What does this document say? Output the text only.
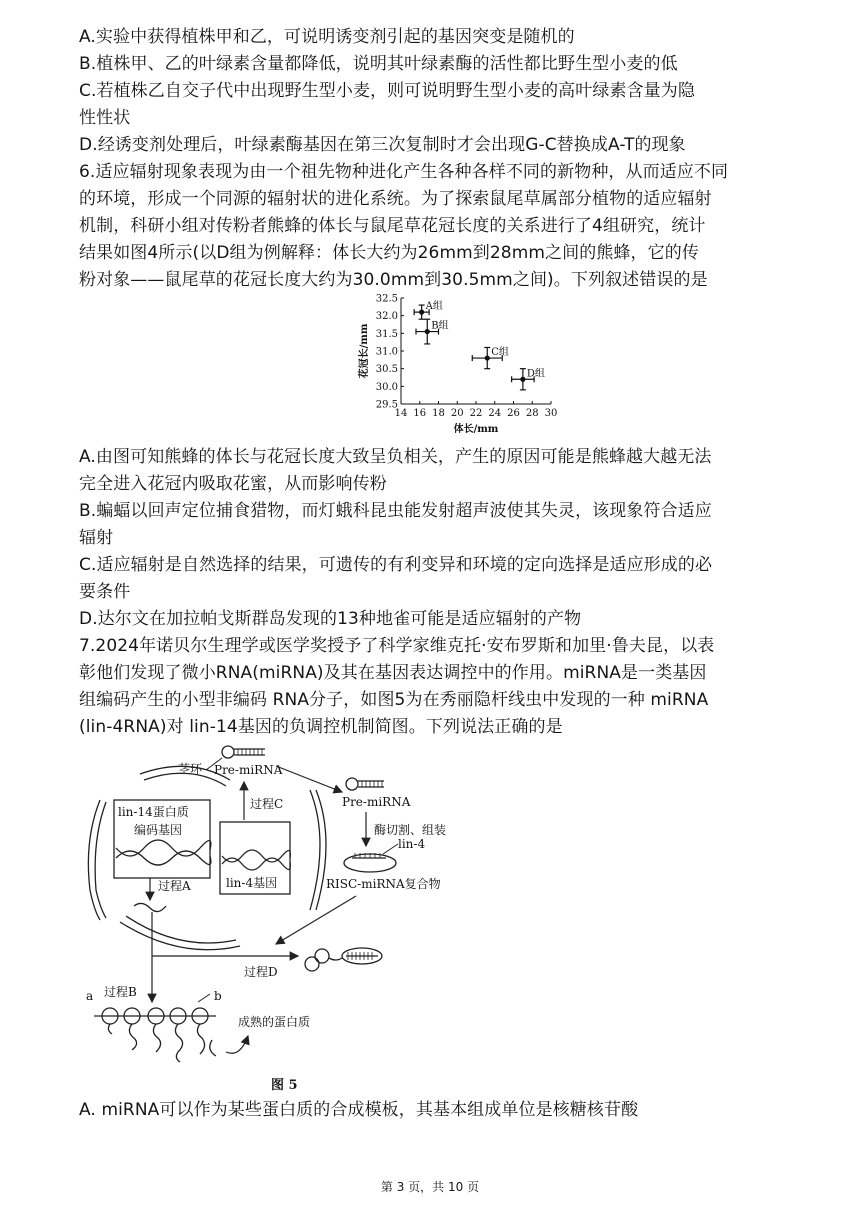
A.实验中获得植株甲和乙，可说明诱变剂引起的基因突变是随机的
B.植株甲、乙的叶绿素含量都降低，说明其叶绿素酶的活性都比野生型小麦的低
C.若植株乙自交子代中出现野生型小麦，则可说明野生型小麦的高叶绿素含量为隐
性性状
D.经诱变剂处理后，叶绿素酶基因在第三次复制时才会出现G-C替换成A-T的现象
6.适应辐射现象表现为由一个祖先物种进化产生各种各样不同的新物种，从而适应不同
的环境，形成一个同源的辐射状的进化系统。为了探索鼠尾草属部分植物的适应辐射
机制，科研小组对传粉者熊蜂的体长与鼠尾草花冠长度的关系进行了4组研究，统计
结果如图4所示(以D组为例解释：体长大约为26mm到28mm之间的熊蜂，它的传
粉对象——鼠尾草的花冠长度大约为30.0mm到30.5mm之间)。下列叙述错误的是
A.由图可知熊蜂的体长与花冠长度大致呈负相关，产生的原因可能是熊蜂越大越无法
完全进入花冠内吸取花蜜，从而影响传粉
B.蝙蝠以回声定位捕食猎物，而灯蛾科昆虫能发射超声波使其失灵，该现象符合适应
辐射
C.适应辐射是自然选择的结果，可遗传的有利变异和环境的定向选择是适应形成的必
要条件
D.达尔文在加拉帕戈斯群岛发现的13种地雀可能是适应辐射的产物
7.2024年诺贝尔生理学或医学奖授予了科学家维克托·安布罗斯和加里·鲁夫昆，以表
彰他们发现了微小RNA(miRNA)及其在基因表达调控中的作用。miRNA是一类基因
组编码产生的小型非编码 RNA分子，如图5为在秀丽隐杆线虫中发现的一种 miRNA
(lin-4RNA)对 lin-14基因的负调控机制简图。下列说法正确的是
A. miRNA可以作为某些蛋白质的合成模板，其基本组成单位是核糖核苷酸
14 16 18 20 22 24 26 28 30
29.5
30.0
30.5
31.0
31.5
32.0
32.5
体长/mm
花冠长/mm
A组
B组
C组
D组
茎环 Pre-miRNA
Pre-miRNA
酶切割、组装
lin-4
RISC-miRNA复合物
lin-14蛋白质
编码基因
lin-4基因
过程C
过程A
过程D
a 过程B	b
成熟的蛋白质
图 5
第 3 页，共 10 页
